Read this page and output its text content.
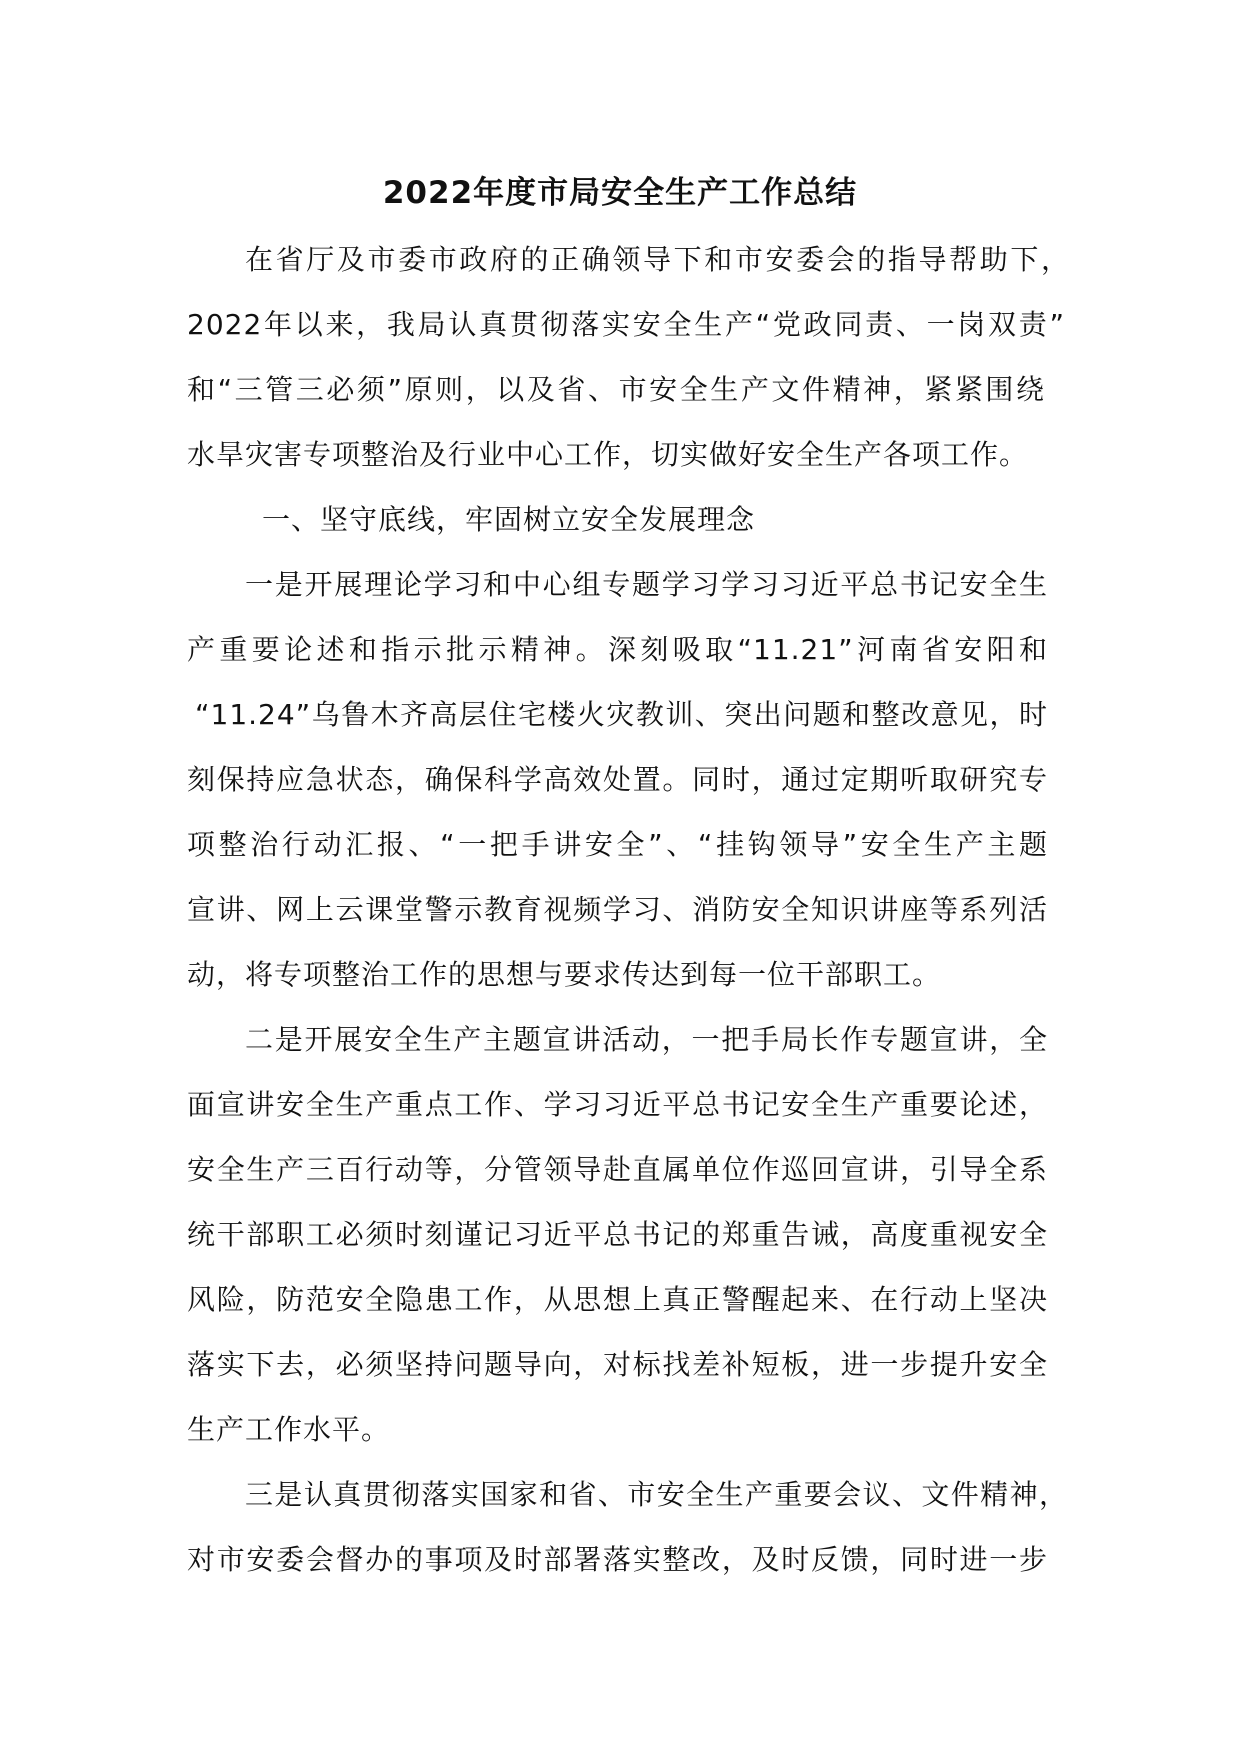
2022年度市局安全生产工作总结
在省厅及市委市政府的正确领导下和市安委会的指导帮助下，
2022年以来，我局认真贯彻落实安全生产“党政同责、一岗双责”
和“三管三必须”原则，以及省、市安全生产文件精神，紧紧围绕
水旱灾害专项整治及行业中心工作，切实做好安全生产各项工作。
一、坚守底线，牢固树立安全发展理念
一是开展理论学习和中心组专题学习学习习近平总书记安全生
产重要论述和指示批示精神。深刻吸取“11.21”河南省安阳和
“11.24”乌鲁木齐高层住宅楼火灾教训、突出问题和整改意见，时
刻保持应急状态，确保科学高效处置。同时，通过定期听取研究专
项整治行动汇报、“一把手讲安全”、“挂钩领导”安全生产主题
宣讲、网上云课堂警示教育视频学习、消防安全知识讲座等系列活
动，将专项整治工作的思想与要求传达到每一位干部职工。
二是开展安全生产主题宣讲活动，一把手局长作专题宣讲，全
面宣讲安全生产重点工作、学习习近平总书记安全生产重要论述，
安全生产三百行动等，分管领导赴直属单位作巡回宣讲，引导全系
统干部职工必须时刻谨记习近平总书记的郑重告诫，高度重视安全
风险，防范安全隐患工作，从思想上真正警醒起来、在行动上坚决
落实下去，必须坚持问题导向，对标找差补短板，进一步提升安全
生产工作水平。
三是认真贯彻落实国家和省、市安全生产重要会议、文件精神，
对市安委会督办的事项及时部署落实整改，及时反馈，同时进一步
